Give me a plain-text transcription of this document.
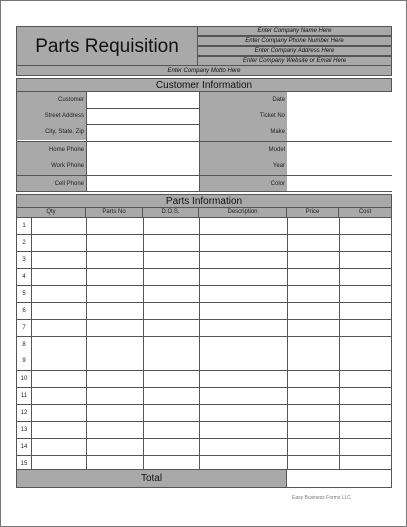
Parts Requisition
Enter Company Name Here
Enter Company Phone Number Here
Enter Company Address Here
Enter Company Website or Email Here
Enter Company Motto Here
Customer Information
Customer
Street Address
City, State, Zip
Home Phone
Work Phone
Cell Phone
Date
Ticket No
Make
Model
Year
Color
Parts Information
Qty	Parts No	D.O.S.	Description	Price	Cost
1
2
3
4
5
6
7
8
9
10
11
12
13
14
15
Total
Easy Business Forms LLC
